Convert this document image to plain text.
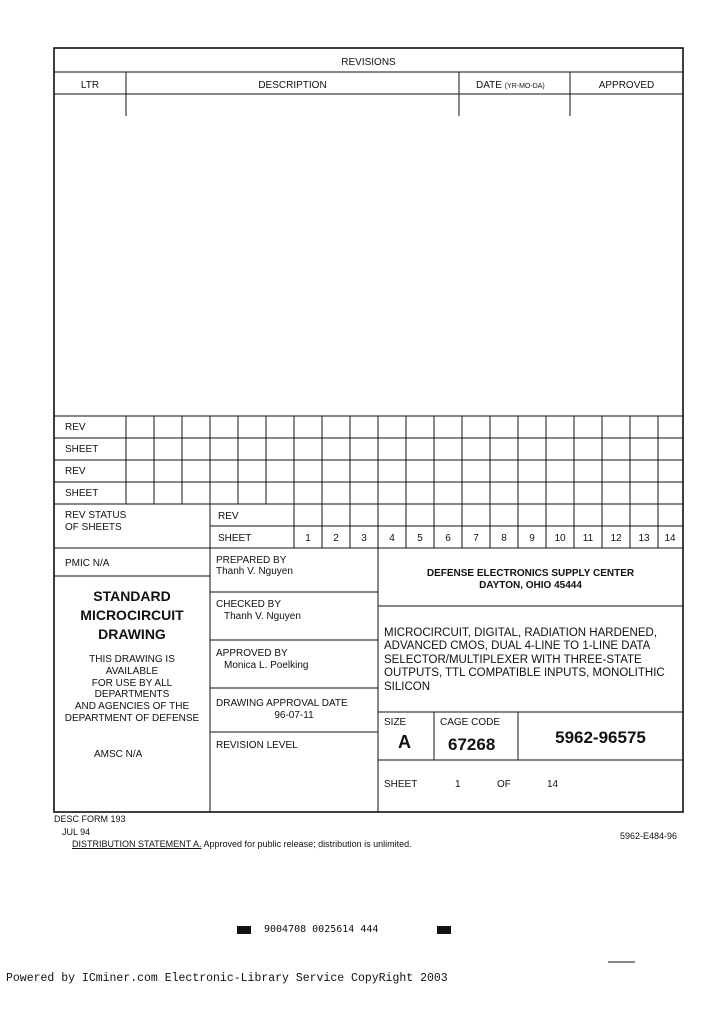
REVISIONS
LTR	DESCRIPTION	DATE (YR-MO-DA)	APPROVED
REV
SHEET
REV
SHEET
REV STATUS
OF SHEETS
REV
SHEET	1	2	3	4	5	6	7	8	9	10	11	12	13	14
PMIC N/A
STANDARD
MICROCIRCUIT
DRAWING
THIS DRAWING IS
AVAILABLE
FOR USE BY ALL
DEPARTMENTS
AND AGENCIES OF THE
DEPARTMENT OF DEFENSE
AMSC N/A
PREPARED BY
Thanh V. Nguyen
CHECKED BY
Thanh V. Nguyen
APPROVED BY
Monica L. Poelking
DRAWING APPROVAL DATE
96-07-11
REVISION LEVEL
DEFENSE ELECTRONICS SUPPLY CENTER
DAYTON, OHIO 45444
MICROCIRCUIT, DIGITAL, RADIATION HARDENED,
ADVANCED CMOS, DUAL 4-LINE TO 1-LINE DATA
SELECTOR/MULTIPLEXER WITH THREE-STATE
OUTPUTS, TTL COMPATIBLE INPUTS, MONOLITHIC
SILICON
SIZE
A
CAGE CODE
67268	5962-96575
SHEET	1	OF	14
DESC FORM 193
JUL 94
DISTRIBUTION STATEMENT A. Approved for public release; distribution is unlimited.
5962-E484-96
9004708 0025614 444
Powered by ICminer.com Electronic-Library Service CopyRight 2003
